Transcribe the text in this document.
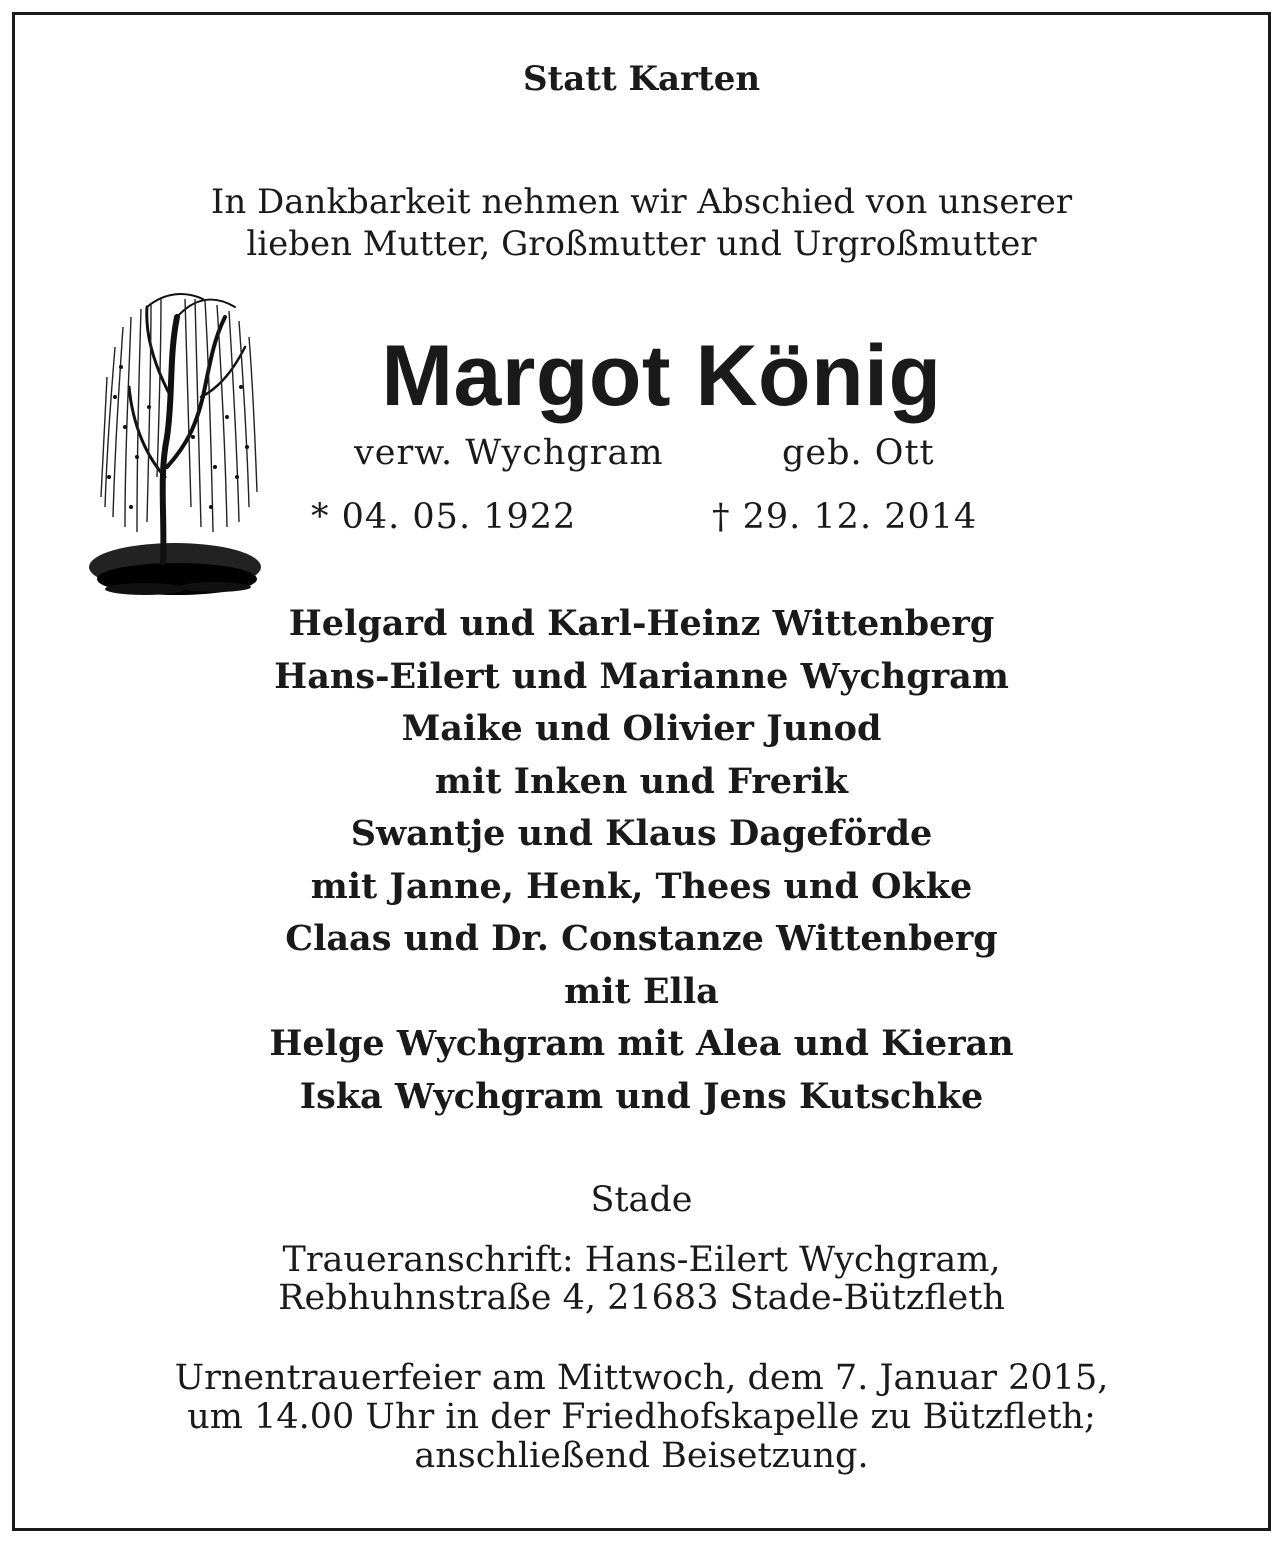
Statt Karten

In Dankbarkeit nehmen wir Abschied von unserer

lieben Mutter, Großmutter und Urgroßmutter

Margot König

verw. Wychgram	geb. Ott

* 04. 05. 1922	† 29. 12. 2014

Helgard und Karl-Heinz Wittenberg
Hans-Eilert und Marianne Wychgram
Maike und Olivier Junod
mit Inken und Frerik
Swantje und Klaus Dageförde
mit Janne, Henk, Thees und Okke
Claas und Dr. Constanze Wittenberg
mit Ella
Helge Wychgram mit Alea und Kieran
Iska Wychgram und Jens Kutschke

Stade

Traueranschrift: Hans-Eilert Wychgram,

Rebhuhnstraße 4, 21683 Stade-Bützfleth

Urnentrauerfeier am Mittwoch, dem 7. Januar 2015,

um 14.00 Uhr in der Friedhofskapelle zu Bützfleth;

anschließend Beisetzung.
